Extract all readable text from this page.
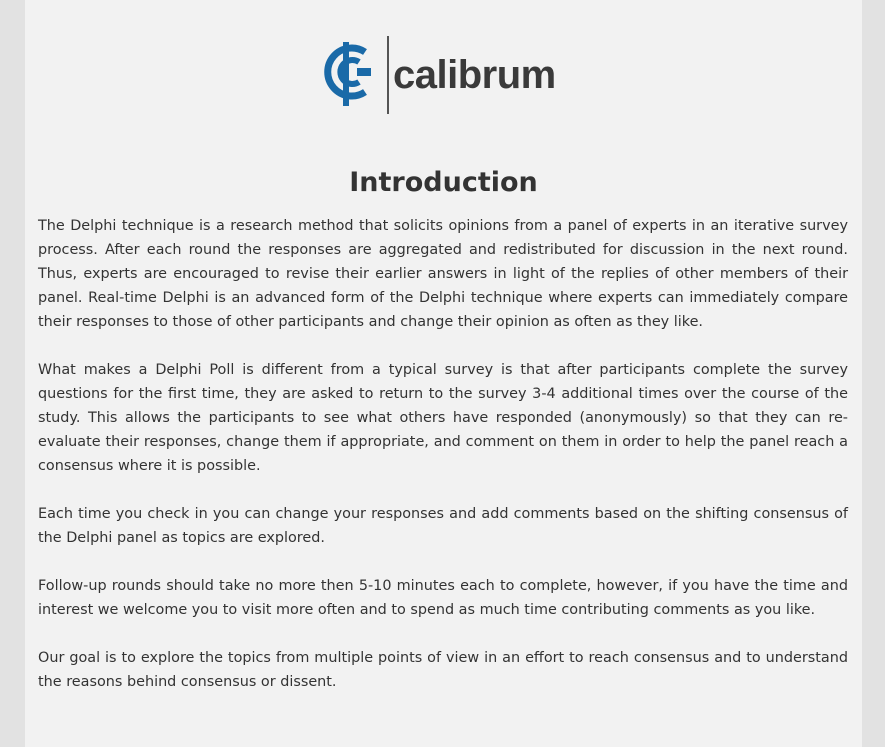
calibrum
Introduction

The Delphi technique is a research method that solicits opinions from a panel of experts in an iterative survey process. After each round the responses are aggregated and redistributed for discussion in the next round. Thus, experts are encouraged to revise their earlier answers in light of the replies of other members of their panel. Real-time Delphi is an advanced form of the Delphi technique where experts can immediately compare their responses to those of other participants and change their opinion as often as they like.

What makes a Delphi Poll is different from a typical survey is that after participants complete the survey questions for the first time, they are asked to return to the survey 3-4 additional times over the course of the study. This allows the participants to see what others have responded (anonymously) so that they can re-evaluate their responses, change them if appropriate, and comment on them in order to help the panel reach a consensus where it is possible.

Each time you check in you can change your responses and add comments based on the shifting consensus of the Delphi panel as topics are explored.

Follow-up rounds should take no more then 5-10 minutes each to complete, however, if you have the time and interest we welcome you to visit more often and to spend as much time contributing comments as you like.

Our goal is to explore the topics from multiple points of view in an effort to reach consensus and to understand the reasons behind consensus or dissent.
